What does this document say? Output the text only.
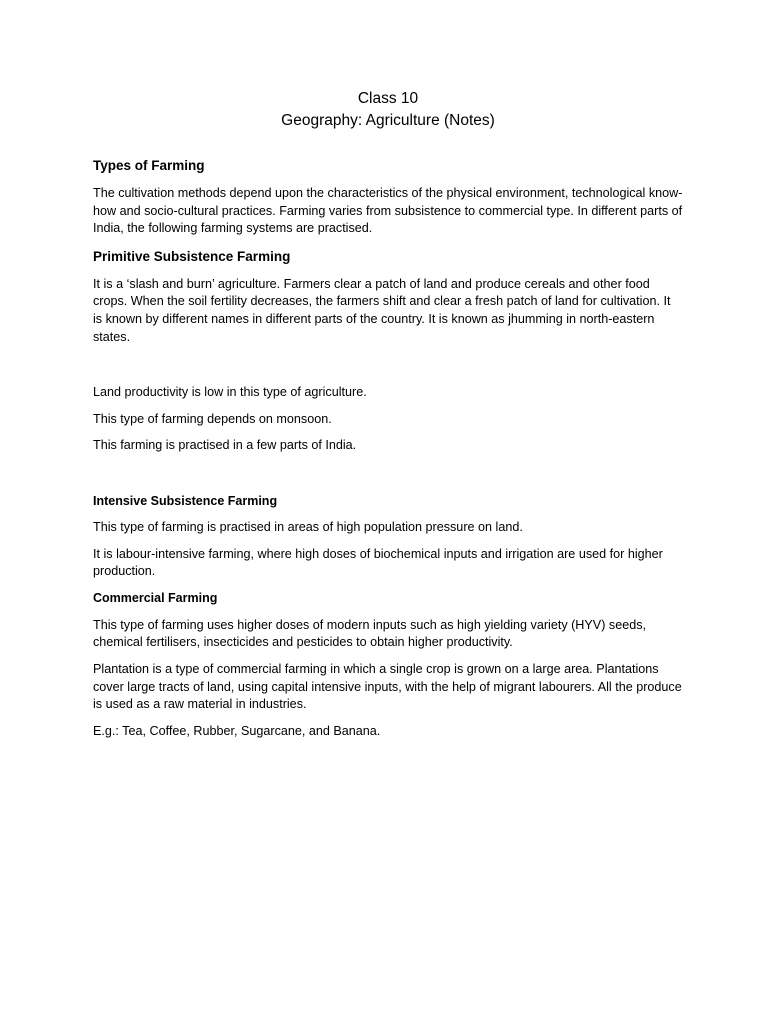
Class 10

Geography: Agriculture (Notes)

Types of Farming

The cultivation methods depend upon the characteristics of the physical environment, technological know-how and socio-cultural practices. Farming varies from subsistence to commercial type. In different parts of India, the following farming systems are practised.

Primitive Subsistence Farming

It is a ‘slash and burn’ agriculture. Farmers clear a patch of land and produce cereals and other food crops. When the soil fertility decreases, the farmers shift and clear a fresh patch of land for cultivation. It is known by different names in different parts of the country. It is known as jhumming in north-eastern states.

Land productivity is low in this type of agriculture.

This type of farming depends on monsoon.

This farming is practised in a few parts of India.

Intensive Subsistence Farming

This type of farming is practised in areas of high population pressure on land.

It is labour-intensive farming, where high doses of biochemical inputs and irrigation are used for higher production.

Commercial Farming

This type of farming uses higher doses of modern inputs such as high yielding variety (HYV) seeds, chemical fertilisers, insecticides and pesticides to obtain higher productivity.

Plantation is a type of commercial farming in which a single crop is grown on a large area. Plantations cover large tracts of land, using capital intensive inputs, with the help of migrant labourers. All the produce is used as a raw material in industries.

E.g.: Tea, Coffee, Rubber, Sugarcane, and Banana.
